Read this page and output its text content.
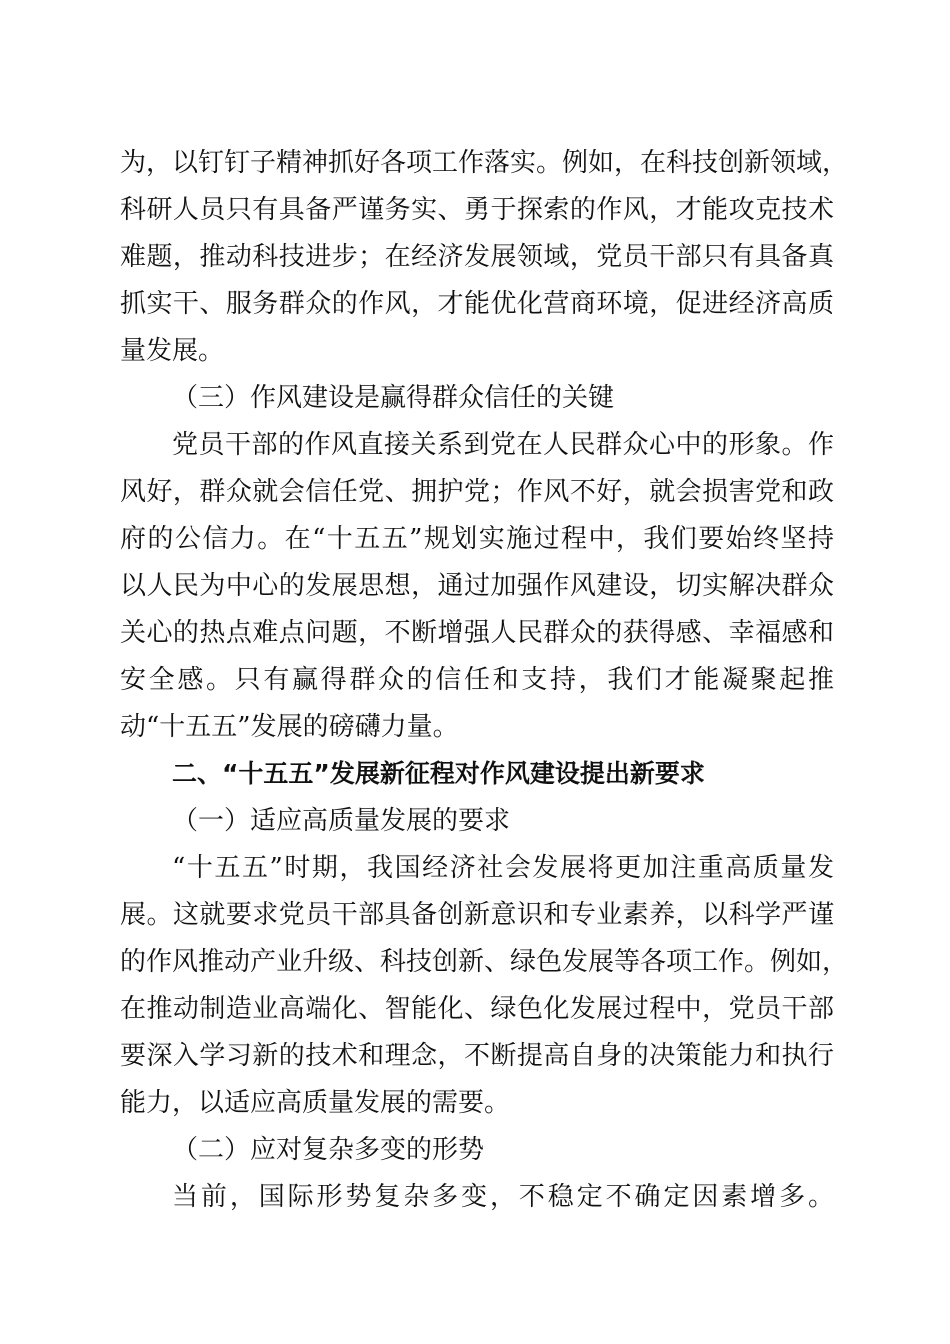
为，以钉钉子精神抓好各项工作落实。例如，在科技创新领域，
科研人员只有具备严谨务实、勇于探索的作风，才能攻克技术
难题，推动科技进步；在经济发展领域，党员干部只有具备真
抓实干、服务群众的作风，才能优化营商环境，促进经济高质
量发展。
（三）作风建设是赢得群众信任的关键
党员干部的作风直接关系到党在人民群众心中的形象。作
风好，群众就会信任党、拥护党；作风不好，就会损害党和政
府的公信力。在“十五五”规划实施过程中，我们要始终坚持
以人民为中心的发展思想，通过加强作风建设，切实解决群众
关心的热点难点问题，不断增强人民群众的获得感、幸福感和
安全感。只有赢得群众的信任和支持，我们才能凝聚起推
动“十五五”发展的磅礴力量。
二、“十五五”发展新征程对作风建设提出新要求
（一）适应高质量发展的要求
“十五五”时期，我国经济社会发展将更加注重高质量发
展。这就要求党员干部具备创新意识和专业素养，以科学严谨
的作风推动产业升级、科技创新、绿色发展等各项工作。例如，
在推动制造业高端化、智能化、绿色化发展过程中，党员干部
要深入学习新的技术和理念，不断提高自身的决策能力和执行
能力，以适应高质量发展的需要。
（二）应对复杂多变的形势
当前，国际形势复杂多变，不稳定不确定因素增多。
